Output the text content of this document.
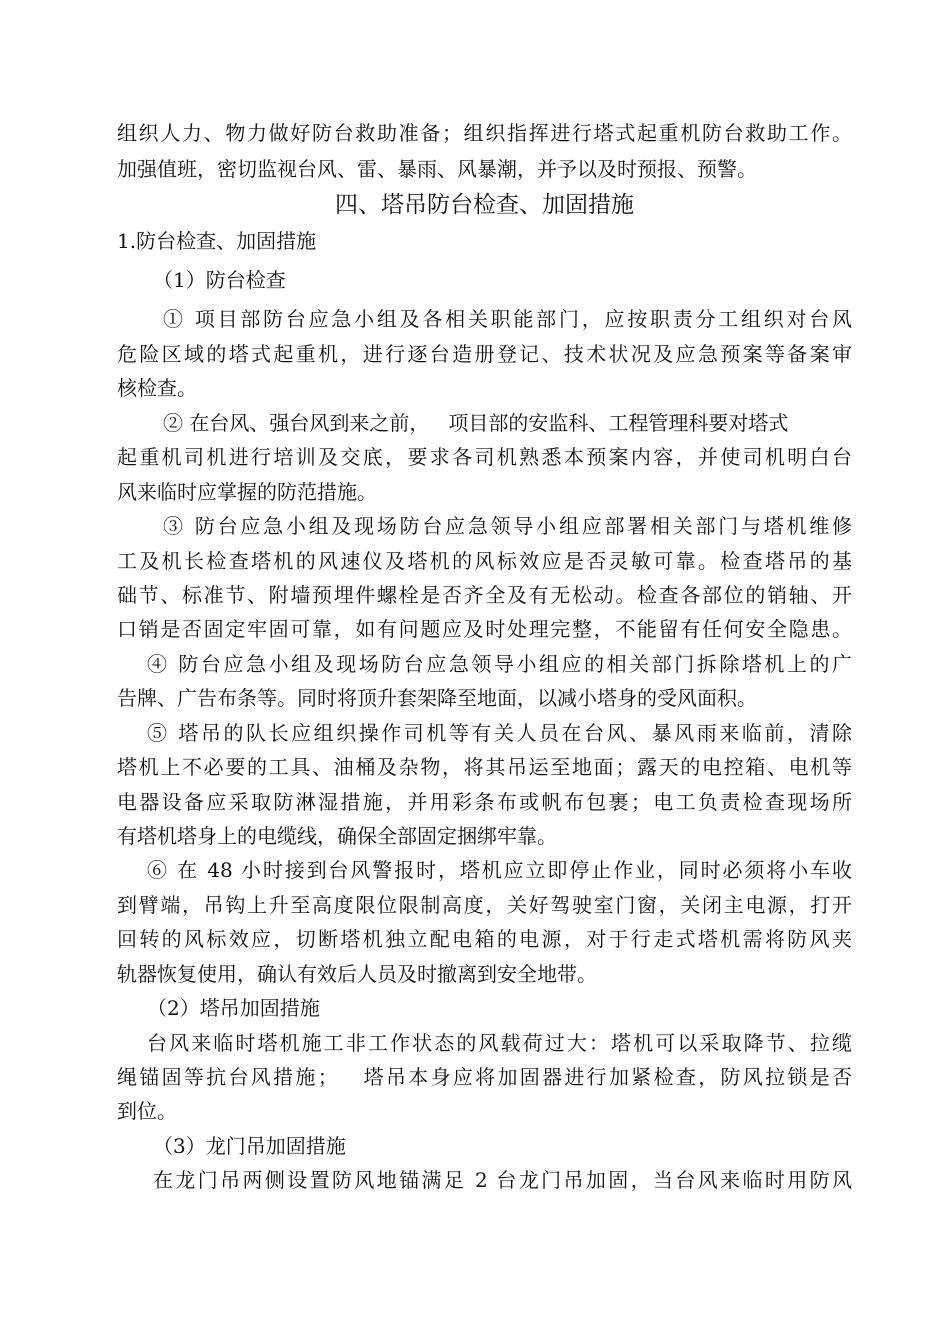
组织人力、物力做好防台救助准备；组织指挥进行塔式起重机防台救助工作。
加强值班，密切监视台风、雷、暴雨、风暴潮，并予以及时预报、预警。
四、塔吊防台检查、加固措施
1.防台检查、加固措施
（1）防台检查
① 项目部防台应急小组及各相关职能部门，应按职责分工组织对台风
危险区域的塔式起重机，进行逐台造册登记、技术状况及应急预案等备案审
核检查。
② 在台风、强台风到来之前，   项目部的安监科、工程管理科要对塔式
起重机司机进行培训及交底，要求各司机熟悉本预案内容，并使司机明白台
风来临时应掌握的防范措施。
③ 防台应急小组及现场防台应急领导小组应部署相关部门与塔机维修
工及机长检查塔机的风速仪及塔机的风标效应是否灵敏可靠。检查塔吊的基
础节、标准节、附墙预埋件螺栓是否齐全及有无松动。检查各部位的销轴、开
口销是否固定牢固可靠，如有问题应及时处理完整，不能留有任何安全隐患。
④ 防台应急小组及现场防台应急领导小组应的相关部门拆除塔机上的广
告牌、广告布条等。同时将顶升套架降至地面，以减小塔身的受风面积。
⑤ 塔吊的队长应组织操作司机等有关人员在台风、暴风雨来临前，清除
塔机上不必要的工具、油桶及杂物，将其吊运至地面；露天的电控箱、电机等
电器设备应采取防淋湿措施，并用彩条布或帆布包裹；电工负责检查现场所
有塔机塔身上的电缆线，确保全部固定捆绑牢靠。
⑥ 在 48 小时接到台风警报时，塔机应立即停止作业，同时必须将小车收
到臂端，吊钩上升至高度限位限制高度，关好驾驶室门窗，关闭主电源，打开
回转的风标效应，切断塔机独立配电箱的电源，对于行走式塔机需将防风夹
轨器恢复使用，确认有效后人员及时撤离到安全地带。
（2）塔吊加固措施
台风来临时塔机施工非工作状态的风载荷过大：塔机可以采取降节、拉缆
绳锚固等抗台风措施；   塔吊本身应将加固器进行加紧检查，防风拉锁是否
到位。
（3）龙门吊加固措施
在龙门吊两侧设置防风地锚满足 2 台龙门吊加固，当台风来临时用防风
